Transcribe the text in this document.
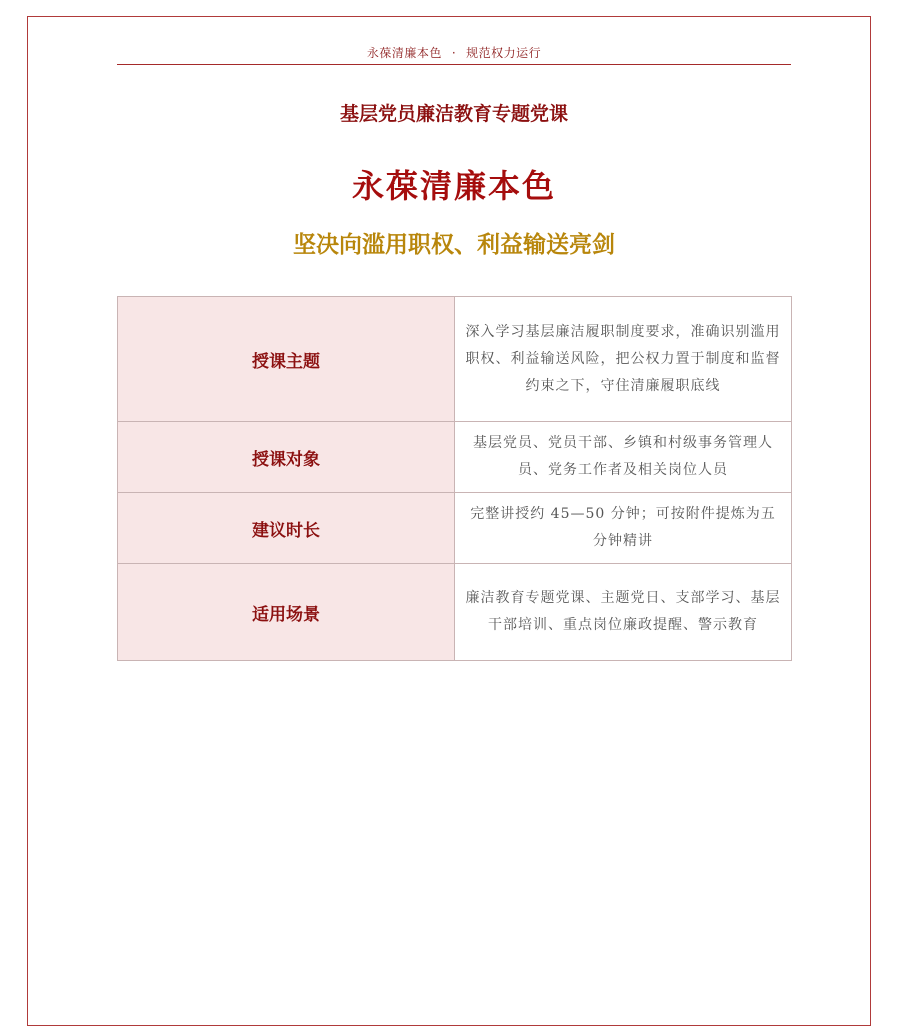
永葆清廉本色 · 规范权力运行
基层党员廉洁教育专题党课
永葆清廉本色
坚决向滥用职权、利益输送亮剑
授课主题	深入学习基层廉洁履职制度要求，准确识别滥用职权、利益输送风险，把公权力置于制度和监督约束之下，守住清廉履职底线
授课对象	基层党员、党员干部、乡镇和村级事务管理人员、党务工作者及相关岗位人员
建议时长	完整讲授约 45—50 分钟；可按附件提炼为五分钟精讲
适用场景	廉洁教育专题党课、主题党日、支部学习、基层干部培训、重点岗位廉政提醒、警示教育
